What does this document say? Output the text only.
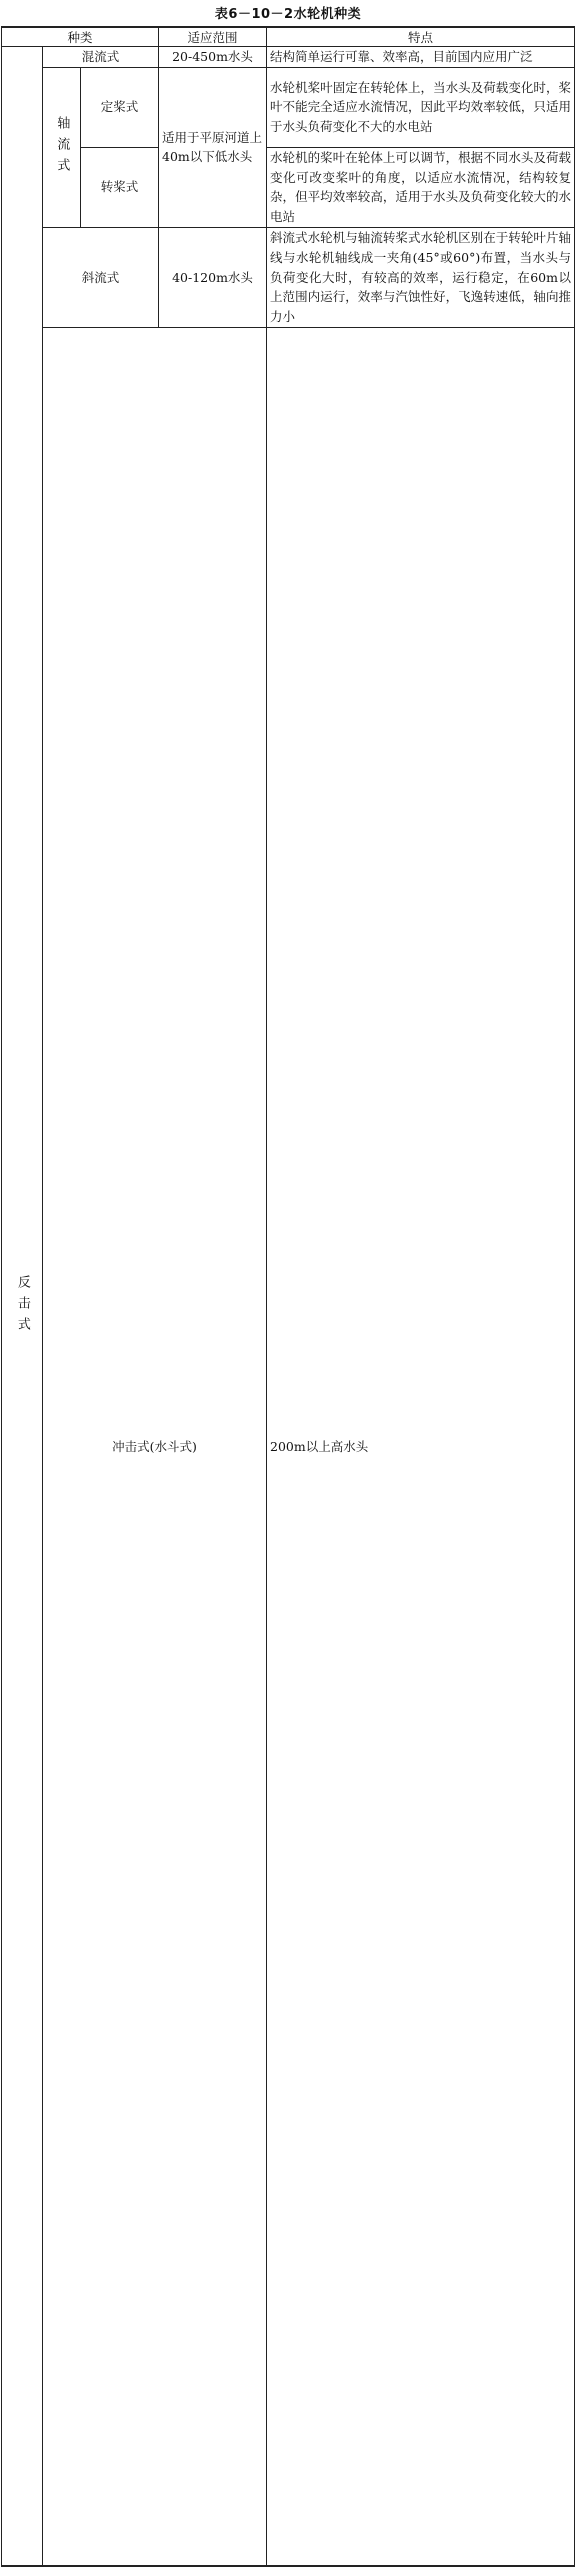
表6－10－2水轮机种类
种类			适应范围	特点	

反击式	混流式		20-450m水头	结构简单运行可靠、效率高，目前国内应用广泛	

	轴流式	定桨式	适用于平原河道上40m以下低水头	水轮机桨叶固定在转轮体上，当水头及荷载变化时，桨叶不能完全适应水流情况，因此平均效率较低，只适用于水头负荷变化不大的水电站	
		转桨式		水轮机的桨叶在轮体上可以调节，根据不同水头及荷载变化可改变桨叶的角度，以适应水流情况，结构较复杂，但平均效率较高，适用于水头及负荷变化较大的水电站	
	斜流式		40-120m水头	斜流式水轮机与轴流转桨式水轮机区别在于转轮叶片轴线与水轮机轴线成一夹角(45°或60°)布置，当水头与负荷变化大时，有较高的效率，运行稳定，在60m以上范围内运行，效率与汽蚀性好，飞逸转速低，轴向推力小	
	冲击式(水斗式)			200m以上高水头	
